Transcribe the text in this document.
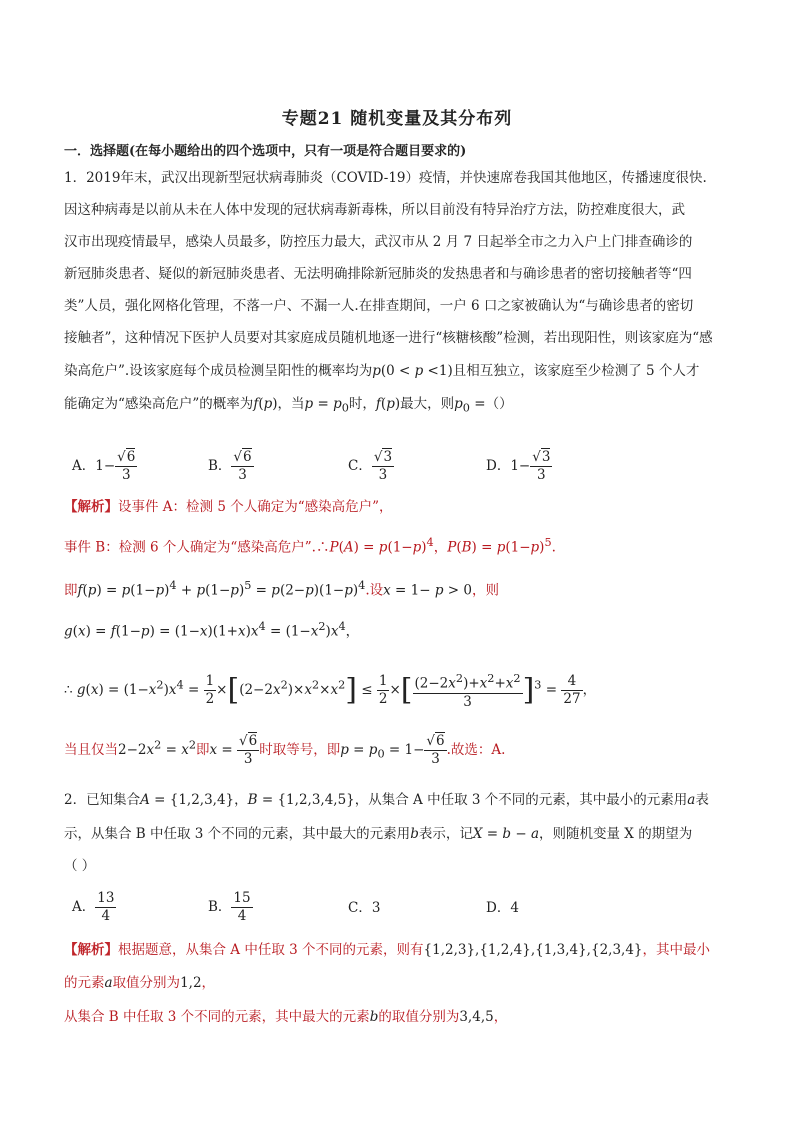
专题21 随机变量及其分布列
一．选择题(在每小题给出的四个选项中，只有一项是符合题目要求的)
1．2019年末，武汉出现新型冠状病毒肺炎（COVID-19）疫情，并快速席卷我国其他地区，传播速度很快.
因这种病毒是以前从未在人体中发现的冠状病毒新毒株，所以目前没有特异治疗方法，防控难度很大，武
汉市出现疫情最早，感染人员最多，防控压力最大，武汉市从 2 月 7 日起举全市之力入户上门排查确诊的
新冠肺炎患者、疑似的新冠肺炎患者、无法明确排除新冠肺炎的发热患者和与确诊患者的密切接触者等“四
类”人员，强化网格化管理，不落一户、不漏一人.在排查期间，一户 6 口之家被确认为“与确诊患者的密切
接触者”，这种情况下医护人员要对其家庭成员随机地逐一进行“核糖核酸”检测，若出现阳性，则该家庭为“感
染高危户”.设该家庭每个成员检测呈阳性的概率均为p(0 < p <1)且相互独立，该家庭至少检测了 5 个人才
能确定为“感染高危户”的概率为f(p)，当$p = p_0$时，f(p)最大，则$p_0$ =（）
A．$1- \frac{√6}{3}$	B． $\frac{√6}{3}$	C． $\frac{√3}{3}$	D．$1- \frac{√3}{3}$
【解析】设事件 A：检测 5 个人确定为“感染高危户”，
事件 B：检测 6 个人确定为“感染高危户”.∴P(A) = $p(1-p)^4$，$P(B) = p(1-p)^5$.
即$f(p) = p(1-p)^4 + p(1-p)^5 = p(2-p)(1-p)^4$.设x = 1− p > 0，则
$g(x) = f(1-p) = (1-x)(1+x)x^4 = (1-x^2)x^4$，
∴ $g(x) = (1-x^2)x^4 = \frac{1}{2} \times[(2-2x^2)\times x^2\times x^2] \le \frac{1}{2}$ ×[ $\frac{(2-2x^2)+x^2+x^2}{3} ]^3 = \frac{4}{27}$ ，
当且仅当$2-2x^2 = x^2$即$x = \frac{√6}{3}$ 时取等号，即$p = p_0 = 1- \frac{√6}{3}$ .故选：A.
2．已知集合A = {1,2,3,4}，B = {1,2,3,4,5}，从集合 A 中任取 3 个不同的元素，其中最小的元素用a表
示，从集合 B 中任取 3 个不同的元素，其中最大的元素用b表示，记X = b − a，则随机变量 X 的期望为
（ ）
A． $\frac{13}{4}$	B． $\frac{15}{4}$	C．3	D．4
【解析】根据题意，从集合 A 中任取 3 个不同的元素，则有{1,2,3},{1,2,4},{1,3,4},{2,3,4}，其中最小
的元素a取值分别为1,2，
从集合 B 中任取 3 个不同的元素，其中最大的元素b的取值分别为3,4,5，
